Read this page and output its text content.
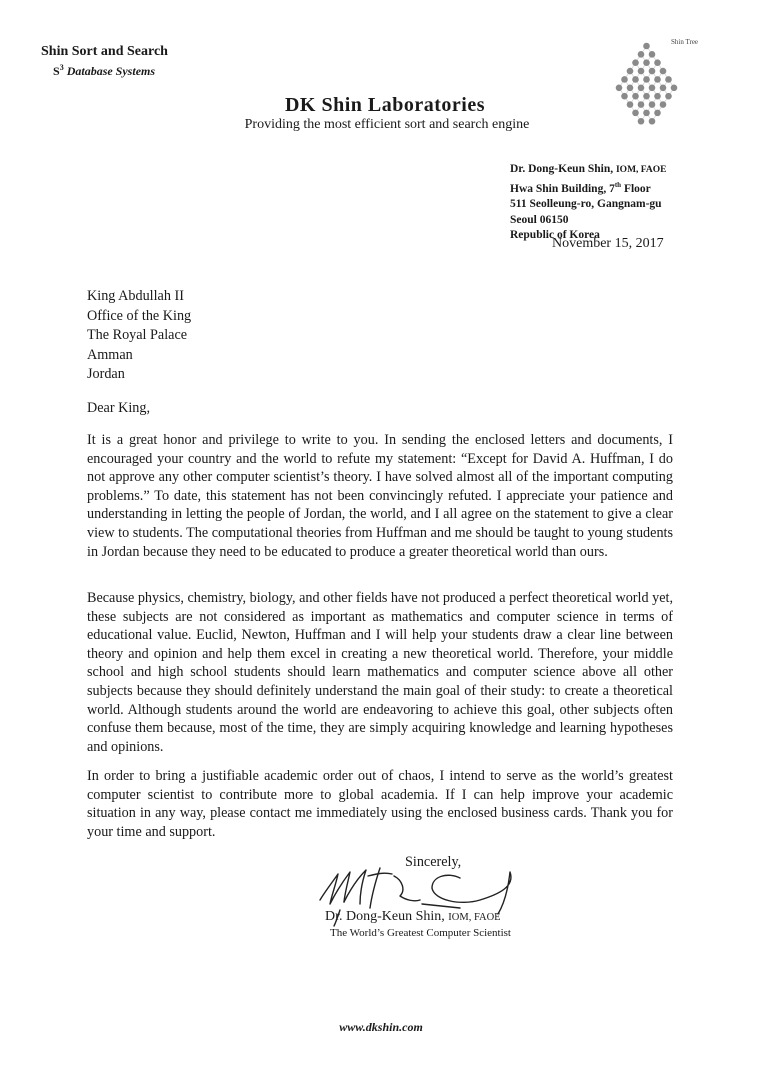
Shin Sort and Search
$S^3$ Database Systems
Shin Tree
DK Shin Laboratories
Providing the most efficient sort and search engine
Dr. Dong-Keun Shin, IOM, FAOE
Hwa Shin Building, 7th Floor
511 Seolleung-ro, Gangnam-gu
Seoul 06150
Republic of Korea
November 15, 2017
King Abdullah II
Office of the King
The Royal Palace
Amman
Jordan
Dear King,
It is a great honor and privilege to write to you. In sending the enclosed letters and documents, I encouraged your country and the world to refute my statement: “Except for David A. Huffman, I do not approve any other computer scientist’s theory. I have solved almost all of the important computing problems.” To date, this statement has not been convincingly refuted. I appreciate your patience and understanding in letting the people of Jordan, the world, and I all agree on the statement to give a clear view to students. The computational theories from Huffman and me should be taught to young students in Jordan because they need to be educated to produce a greater theoretical world than ours.
Because physics, chemistry, biology, and other fields have not produced a perfect theoretical world yet, these subjects are not considered as important as mathematics and computer science in terms of educational value. Euclid, Newton, Huffman and I will help your students draw a clear line between theory and opinion and help them excel in creating a new theoretical world. Therefore, your middle school and high school students should learn mathematics and computer science above all other subjects because they should definitely understand the main goal of their study: to create a theoretical world. Although students around the world are endeavoring to achieve this goal, other subjects often confuse them because, most of the time, they are simply acquiring knowledge and learning hypotheses and opinions.
In order to bring a justifiable academic order out of chaos, I intend to serve as the world’s greatest computer scientist to contribute more to global academia. If I can help improve your academic situation in any way, please contact me immediately using the enclosed business cards. Thank you for your time and support.
Sincerely,
Dr. Dong-Keun Shin, IOM, FAOE
The World’s Greatest Computer Scientist
www.dkshin.com
